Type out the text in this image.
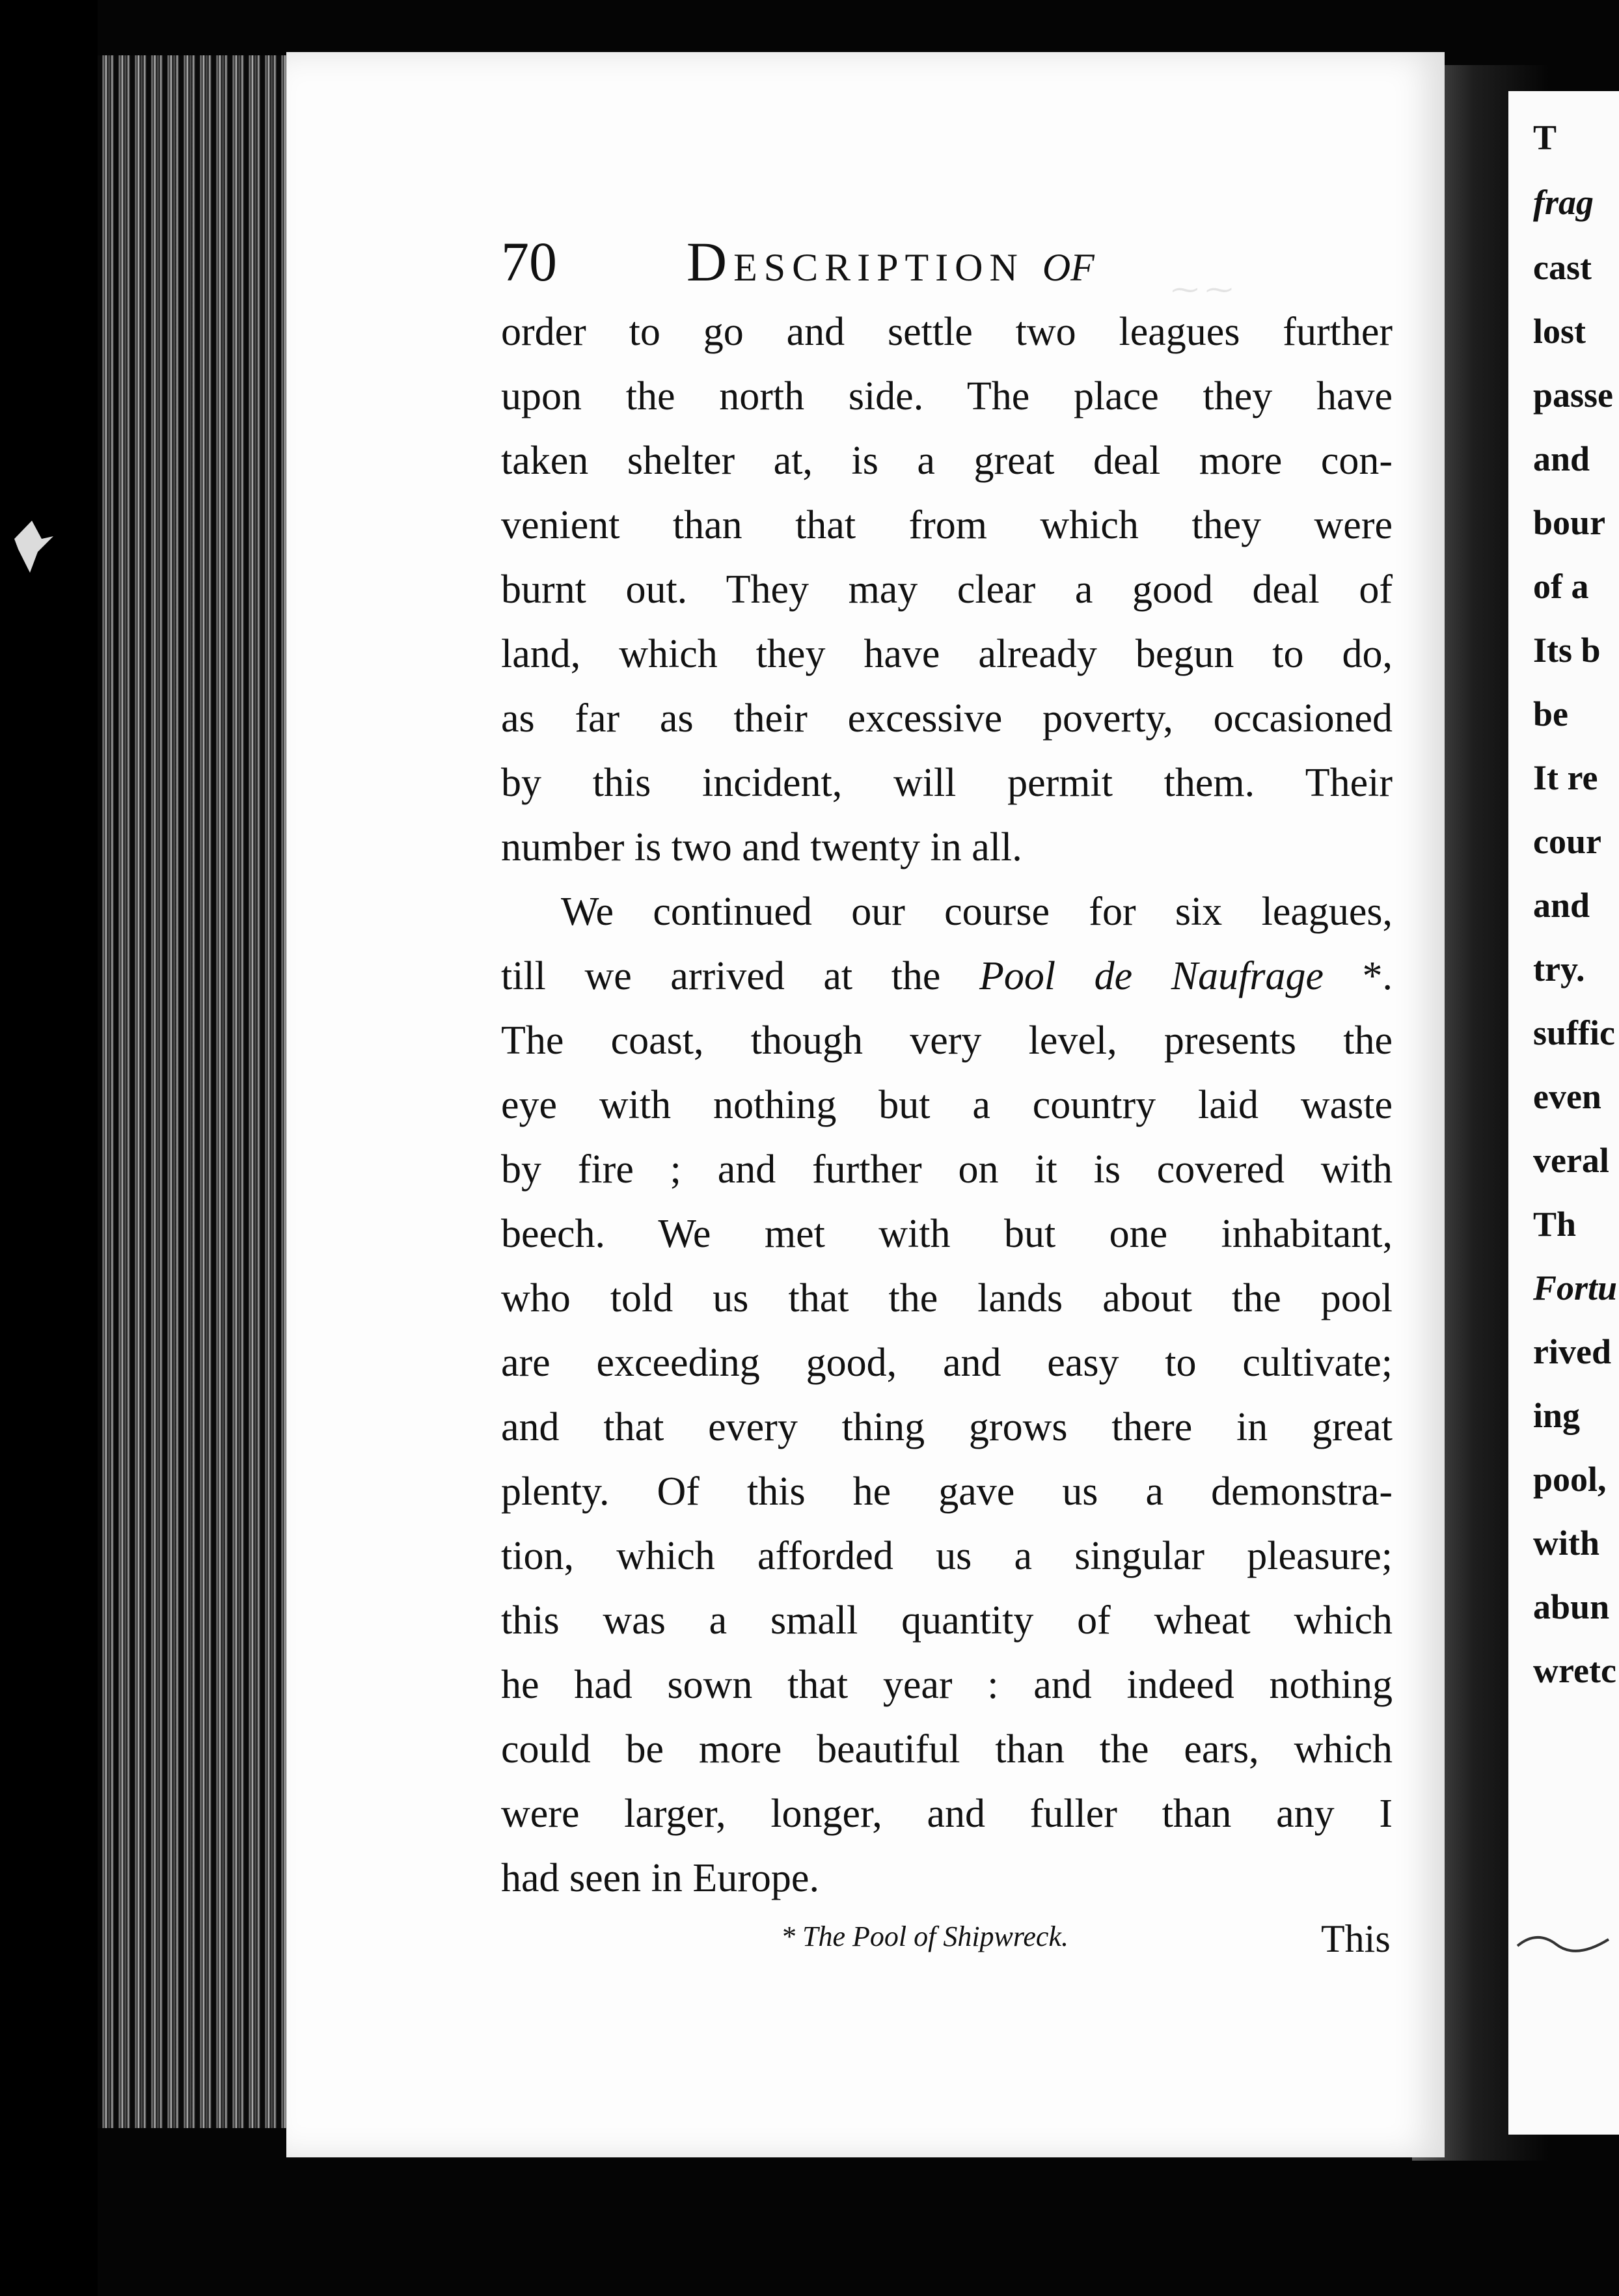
T
frag
cast
lost
passe
and
bour
of a
Its b
be
It re
cour
and
try.
suffic
even
veral
Th
Fortu
rived
ing
pool,
with
abun
wretc
70 Description of	⁓ ⁓
order to go and settle two leagues further
upon the north side. The place they have
taken shelter at, is a great deal more con-
venient than that from which they were
burnt out. They may clear a good deal of
land, which they have already begun to do,
as far as their excessive poverty, occasioned
by this incident, will permit them. Their
number is two and twenty in all.
We continued our course for six leagues,
till we arrived at the Pool de Naufrage *.
The coast, though very level, presents the
eye with nothing but a country laid waste
by fire ; and further on it is covered with
beech. We met with but one inhabitant,
who told us that the lands about the pool
are exceeding good, and easy to cultivate;
and that every thing grows there in great
plenty. Of this he gave us a demonstra-
tion, which afforded us a singular pleasure;
this was a small quantity of wheat which
he had sown that year : and indeed nothing
could be more beautiful than the ears, which
were larger, longer, and fuller than any I
had seen in Europe.
* The Pool of Shipwreck.	This
